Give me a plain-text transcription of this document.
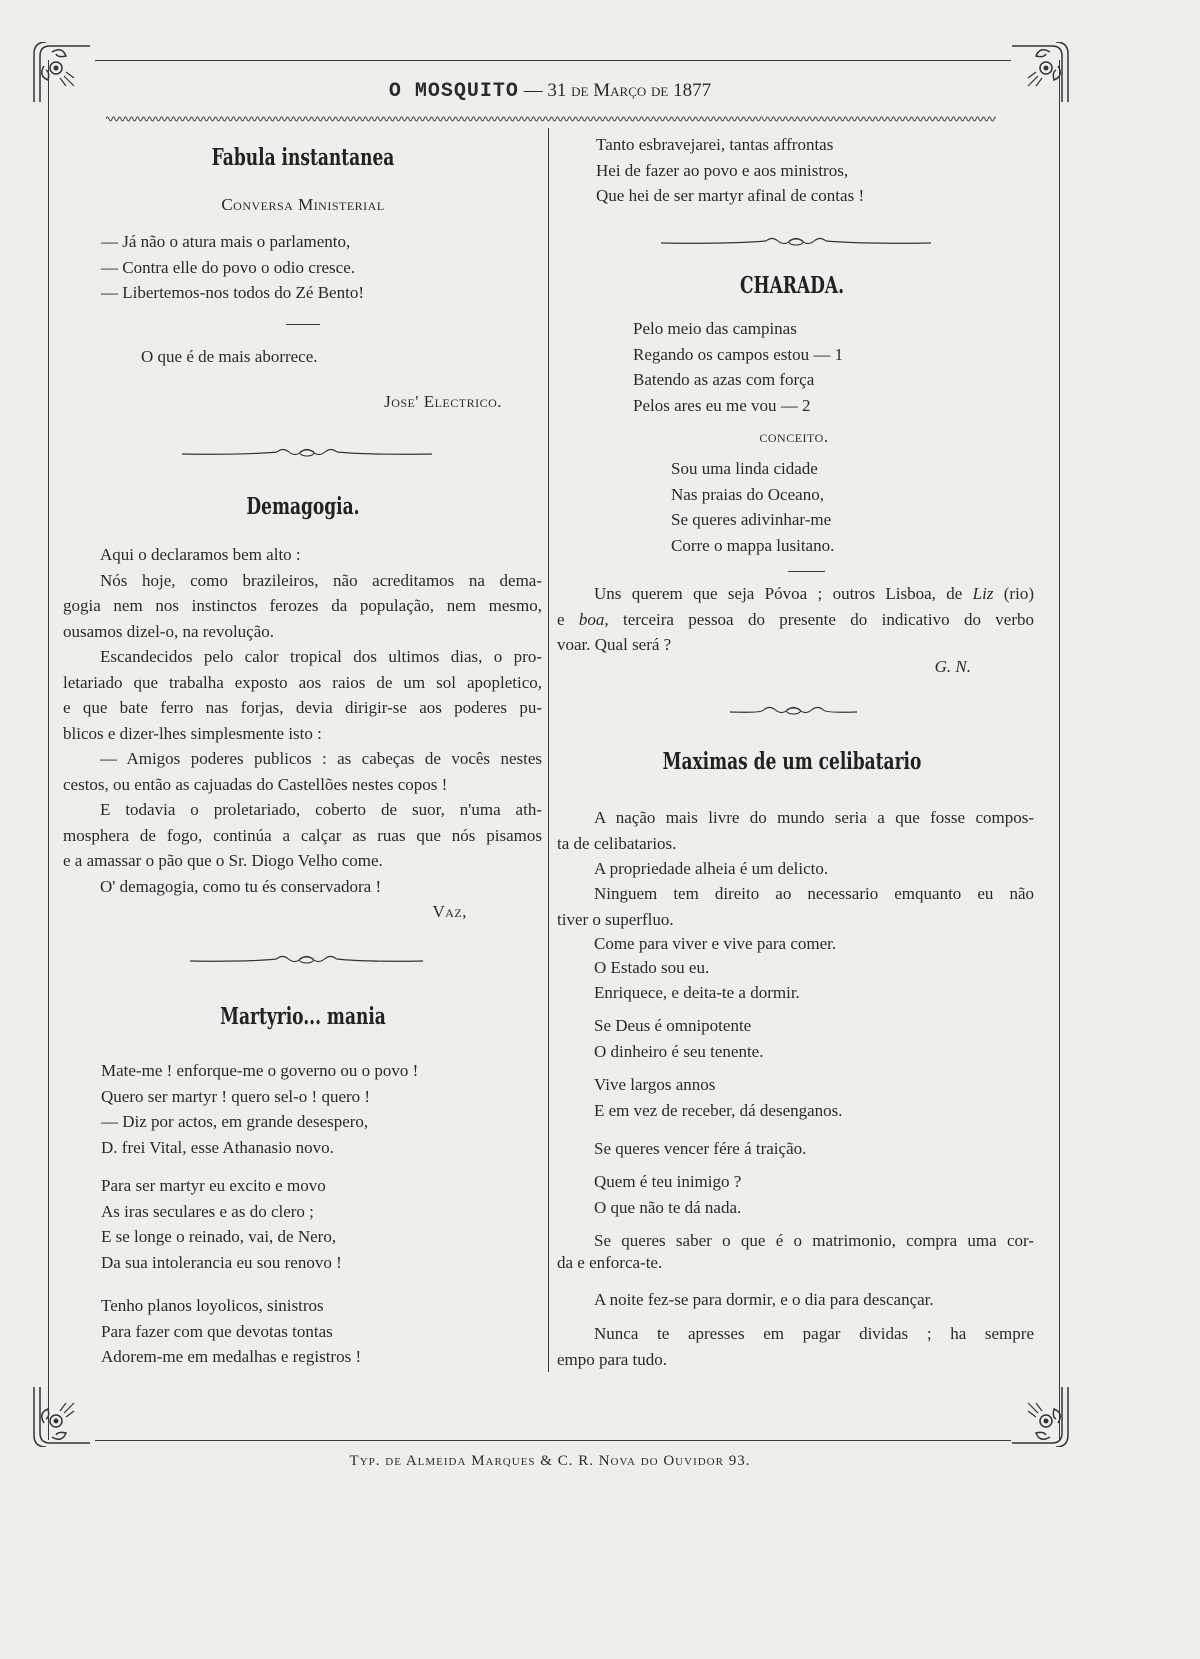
O MOSQUITO — 31 de Março de 1877
Fabula instantanea
Conversa Ministerial
— Já não o atura mais o parlamento,
— Contra elle do povo o odio cresce.
— Libertemos-nos todos do Zé Bento!
O que é de mais aborrece.
Jose' Electrico.
Demagogia.
Aqui o declaramos bem alto :
Nós hoje, como brazileiros, não acreditamos na dema-
gogia nem nos instinctos ferozes da população, nem mesmo,
ousamos dizel-o, na revolução.
Escandecidos pelo calor tropical dos ultimos dias, o pro-
letariado que trabalha exposto aos raios de um sol apopletico,
e que bate ferro nas forjas, devia dirigir-se aos poderes pu-
blicos e dizer-lhes simplesmente isto :
— Amigos poderes publicos : as cabeças de vocês nestes
cestos, ou então as cajuadas do Castellões nestes copos !
E todavia o proletariado, coberto de suor, n'uma ath-
mosphera de fogo, continúa a calçar as ruas que nós pisamos
e a amassar o pão que o Sr. Diogo Velho come.
O' demagogia, como tu és conservadora !
Vaz,
Martyrio... mania
Mate-me ! enforque-me o governo ou o povo !
Quero ser martyr ! quero sel-o ! quero !
— Diz por actos, em grande desespero,
D. frei Vital, esse Athanasio novo.
Para ser martyr eu excito e movo
As iras seculares e as do clero ;
E se longe o reinado, vai, de Nero,
Da sua intolerancia eu sou renovo !
Tenho planos loyolicos, sinistros
Para fazer com que devotas tontas
Adorem-me em medalhas e registros !
Tanto esbravejarei, tantas affrontas
Hei de fazer ao povo e aos ministros,
Que hei de ser martyr afinal de contas !
CHARADA.
Pelo meio das campinas
Regando os campos estou — 1
Batendo as azas com força
Pelos ares eu me vou — 2
conceito.
Sou uma linda cidade
Nas praias do Oceano,
Se queres adivinhar-me
Corre o mappa lusitano.
Uns querem que seja Póvoa ; outros Lisboa, de Liz (rio)
e boa, terceira pessoa do presente do indicativo do verbo
voar. Qual será ?
G. N.
Maximas de um celibatario
A nação mais livre do mundo seria a que fosse compos-
ta de celibatarios.
A propriedade alheia é um delicto.
Ninguem tem direito ao necessario emquanto eu não
tiver o superfluo.
Come para viver e vive para comer.
O Estado sou eu.
Enriquece, e deita-te a dormir.
Se Deus é omnipotente
O dinheiro é seu tenente.
Vive largos annos
E em vez de receber, dá desenganos.
Se queres vencer fére á traição.
Quem é teu inimigo ?
O que não te dá nada.
Se queres saber o que é o matrimonio, compra uma cor-
da e enforca-te.
A noite fez-se para dormir, e o dia para descançar.
Nunca te apresses em pagar dividas ; ha sempre
empo para tudo.
Typ. de Almeida Marques & C. R. Nova do Ouvidor 93.
